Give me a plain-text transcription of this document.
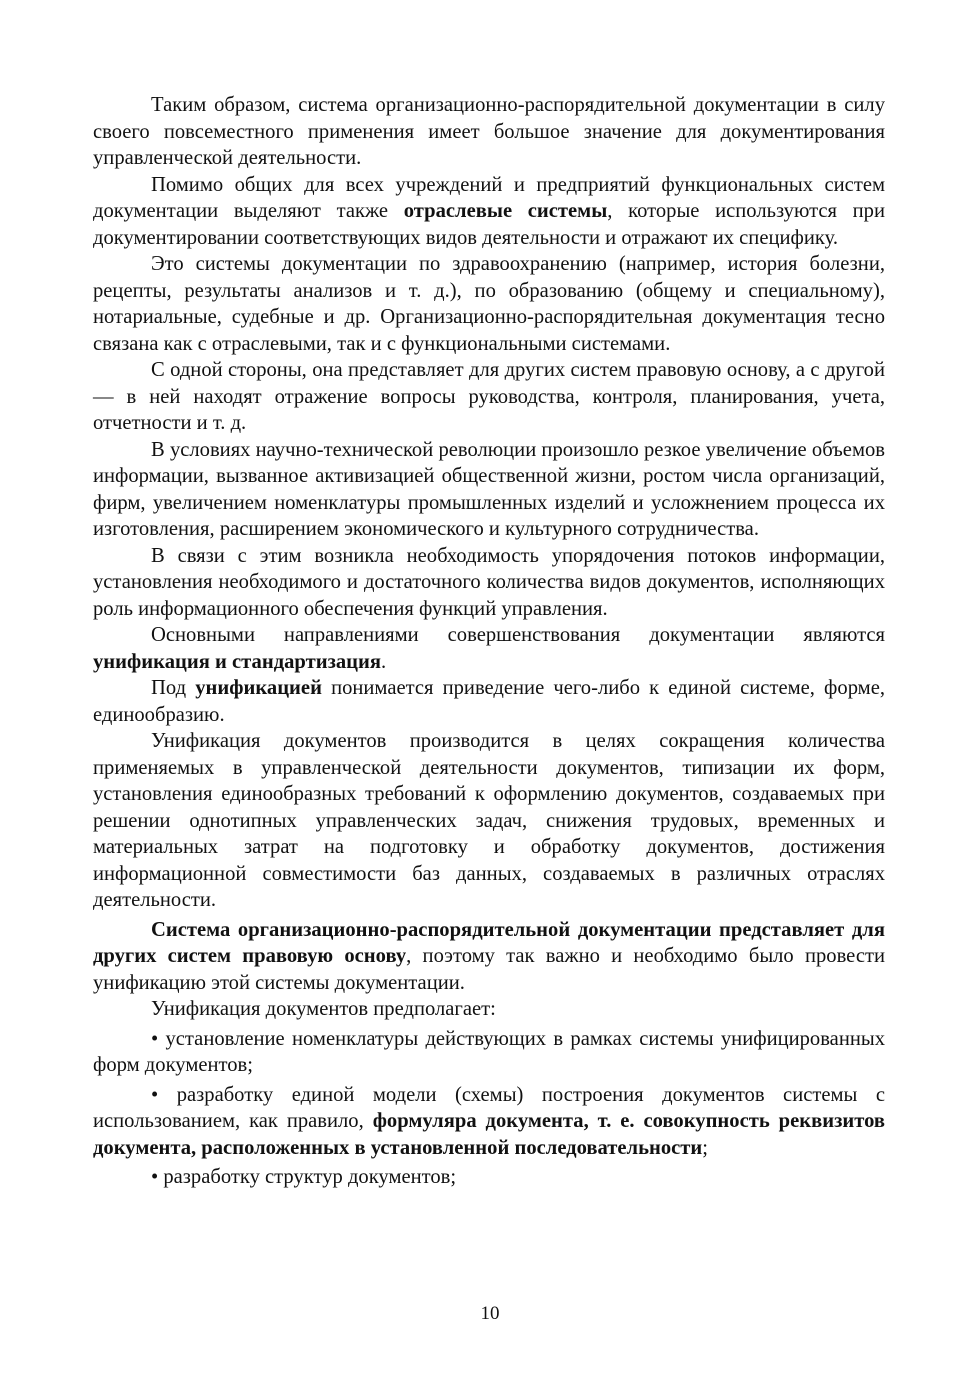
Таким образом, система организационно-распорядительной документации в силу своего повсеместного применения имеет большое значение для документирования управленческой деятельности.

Помимо общих для всех учреждений и предприятий функциональных систем документации выделяют также отраслевые системы, которые используются при документировании соответствующих видов деятельности и отражают их специфику.

Это системы документации по здравоохранению (например, история болезни, рецепты, результаты анализов и т. д.), по образованию (общему и специальному), нотариальные, судебные и др. Организационно-распорядительная документация тесно связана как с отраслевыми, так и с функциональными системами.

С одной стороны, она представляет для других систем правовую основу, а с другой — в ней находят отражение вопросы руководства, контроля, планирования, учета, отчетности и т. д.

В условиях научно-технической революции произошло резкое увеличение объемов информации, вызванное активизацией общественной жизни, ростом числа организаций, фирм, увеличением номенклатуры промышленных изделий и усложнением процесса их изготовления, расширением экономического и культурного сотрудничества.

В связи с этим возникла необходимость упорядочения потоков информации, установления необходимого и достаточного количества видов документов, исполняющих роль информационного обеспечения функций управления.

Основными направлениями совершенствования документации являются унификация и стандартизация.

Под унификацией понимается приведение чего-либо к единой системе, форме, единообразию.

Унификация документов производится в целях сокращения количества применяемых в управленческой деятельности документов, типизации их форм, установления единообразных требований к оформлению документов, создаваемых при решении однотипных управленческих задач, снижения трудовых, временных и материальных затрат на подготовку и обработку документов, достижения информационной совместимости баз данных, создаваемых в различных отраслях деятельности.

Система организационно-распорядительной документации представляет для других систем правовую основу, поэтому так важно и необходимо было провести унификацию этой системы документации.

Унификация документов предполагает:

• установление номенклатуры действующих в рамках системы унифицированных форм документов;

• разработку единой модели (схемы) построения документов системы с использованием, как правило, формуляра документа, т. е. совокупность реквизитов документа, расположенных в установленной последовательности;

• разработку структур документов;

10
